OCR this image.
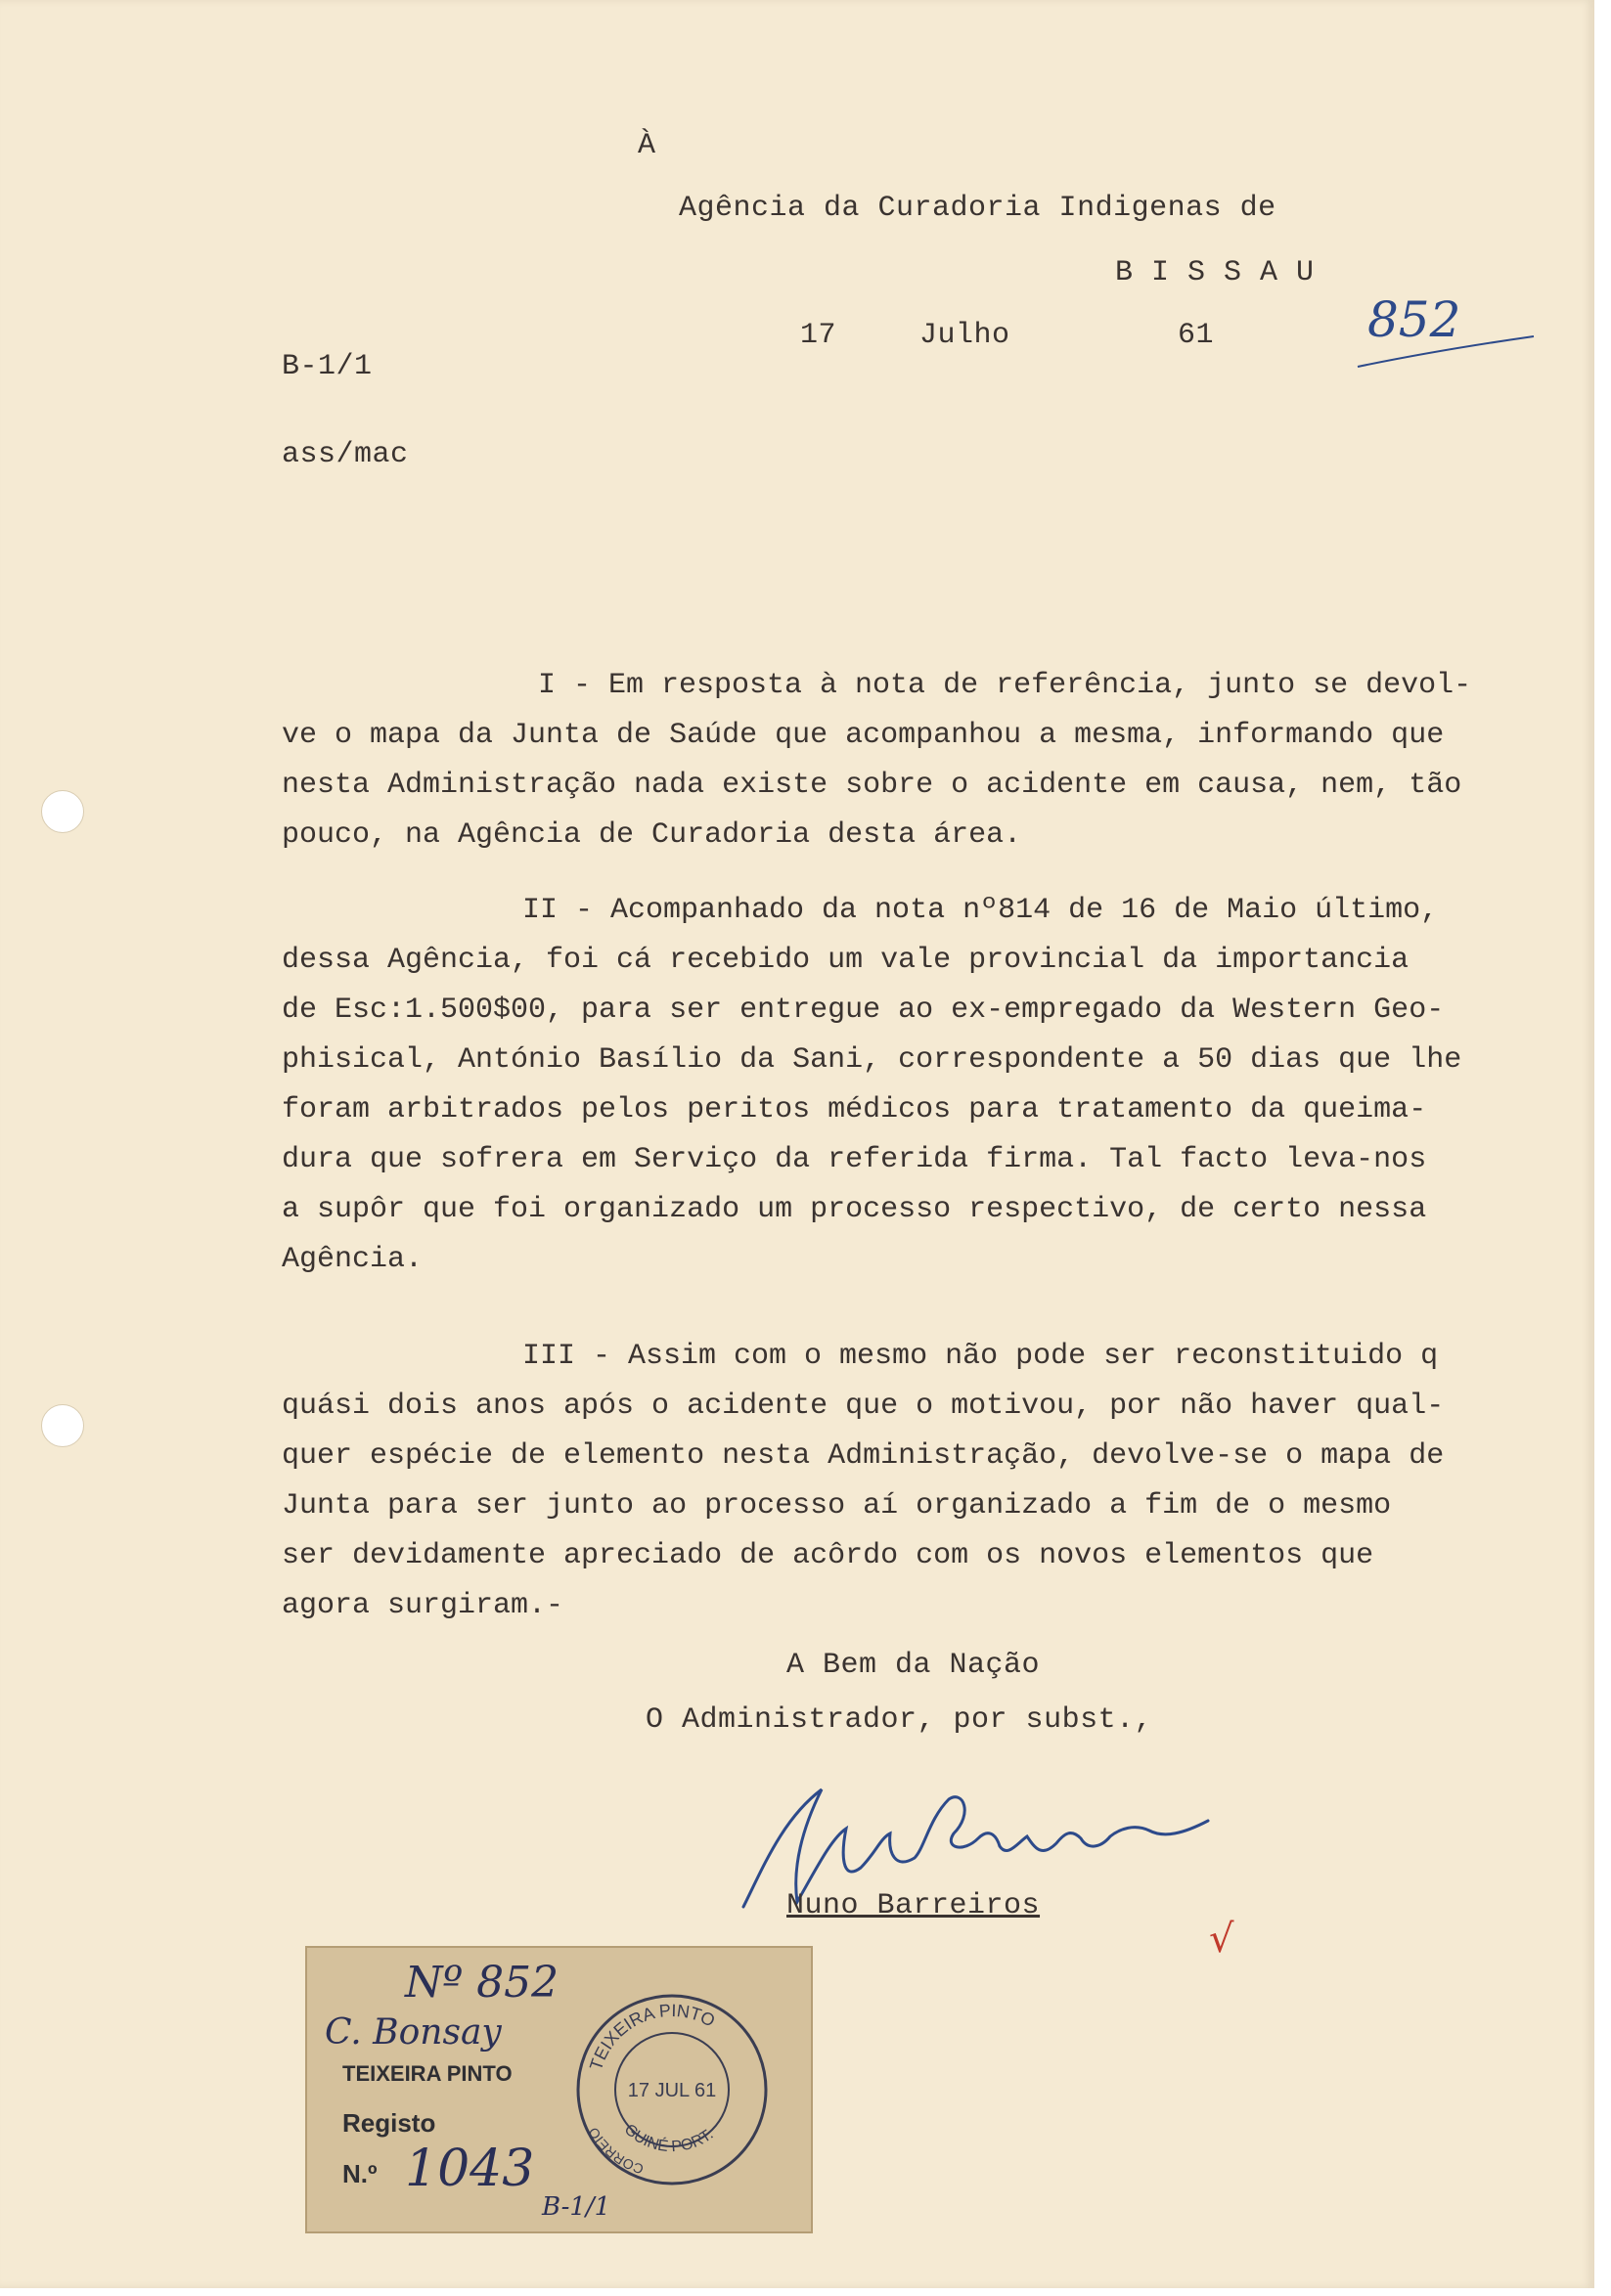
À
Agência da Curadoria Indigenas de
B I S S A U
17	Julho	61	852
B-1/1
ass/mac
I - Em resposta à nota de referência, junto se devol-
ve o mapa da Junta de Saúde que acompanhou a mesma, informando que
nesta Administração nada existe sobre o acidente em causa, nem, tão
pouco, na Agência de Curadoria desta área.
II - Acompanhado da nota nº814 de 16 de Maio último,
dessa Agência, foi cá recebido um vale provincial da importancia
de Esc:1.500$00, para ser entregue ao ex-empregado da Western Geo-
phisical, António Basílio da Sani, correspondente a 50 dias que lhe
foram arbitrados pelos peritos médicos para tratamento da queima-
dura que sofrera em Serviço da referida firma. Tal facto leva-nos
a supôr que foi organizado um processo respectivo, de certo nessa
Agência.
III - Assim com o mesmo não pode ser reconstituido q
quási dois anos após o acidente que o motivou, por não haver qual-
quer espécie de elemento nesta Administração, devolve-se o mapa de
Junta para ser junto ao processo aí organizado a fim de o mesmo
ser devidamente apreciado de acôrdo com os novos elementos que
agora surgiram.-
A Bem da Nação
O Administrador, por subst.,
Nuno Barreiros
√
Nº 852
C. Bonsay
TEIXEIRA PINTO
Registo
N.º 1043
TEIXEIRA PINTO
GUINÉ PORT.
CORREIO
17 JUL 61
B-1/1
